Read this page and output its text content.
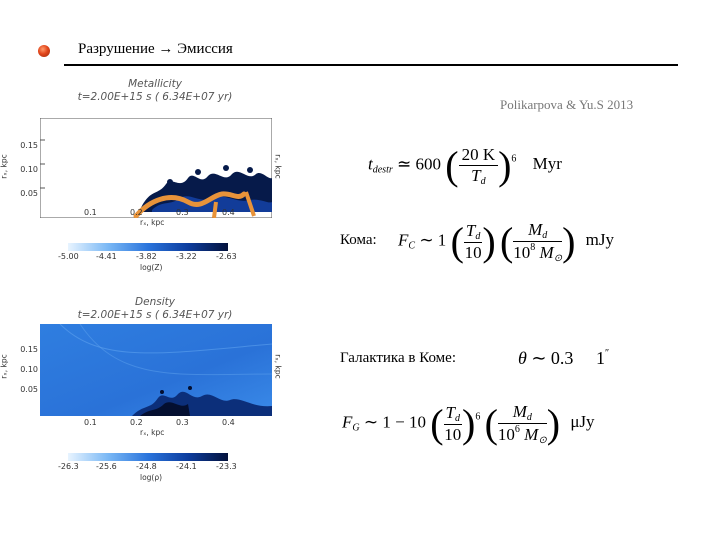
Разрушение → Эмиссия
Polikarpova & Yu.S 2013
Metallicity
t=2.00E+15 s ( 6.34E+07 yr)
0.15
0.10
0.05
rₓ, kpc	rₓ, kpc
0.1	0.2	0.3	0.4
rₓ, kpc
-5.00 -4.41 -3.82 -3.22 -2.63
log(Z)
Density
t=2.00E+15 s ( 6.34E+07 yr)
0.15
0.10
0.05
rₓ, kpc	rₓ, kpc
0.1	0.2	0.3	0.4
rₓ, kpc
-26.3 -25.6 -24.8 -24.1 -23.3
log(ρ)
$t_{destr}$ ≃ 600 ( $\frac{20 K}{T_d} )^6$ Myr
Кома: $F_C$ ∼ 1 ( $\frac{T_d}{10}$ ) ( $\frac{M_d}{10^8 M_⊙}$ ) mJy
Галактика в Коме:	θ ∼ 0.3 1″
$F_G$ ∼ 1 − 10 ( $\frac{T_d}{10} )^6$ ( $\frac{M_d}{10^6 M_⊙}$ ) μJy
